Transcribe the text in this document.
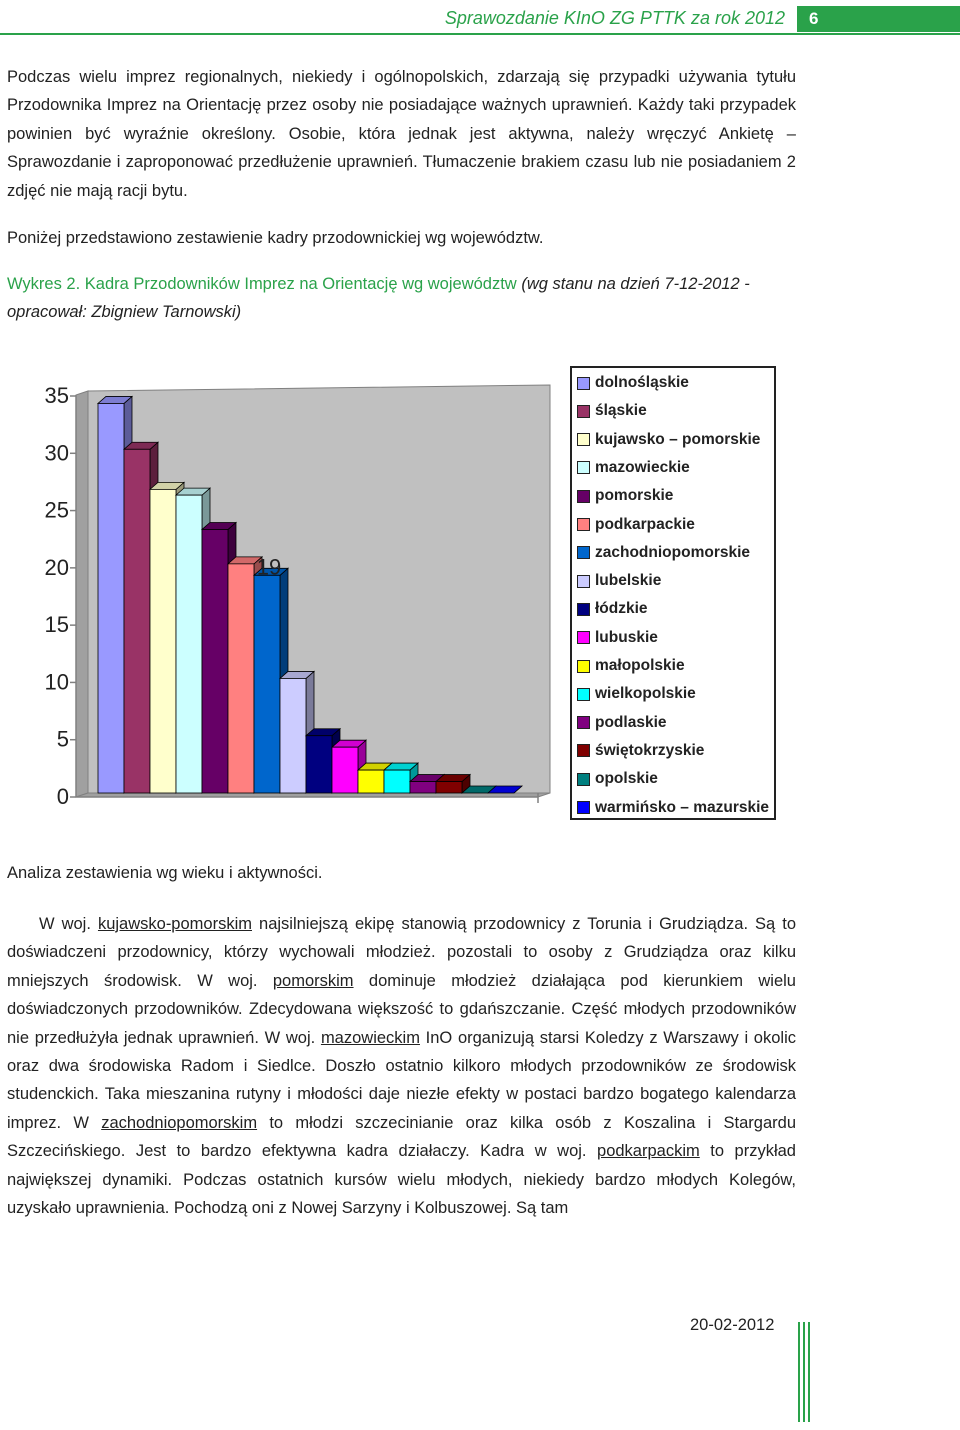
Sprawozdanie KInO ZG PTTK za rok 2012 6

Podczas wielu imprez regionalnych, niekiedy i ogólnopolskich, zdarzają się przypadki używania tytułu Przodownika Imprez na Orientację przez osoby nie posiadające ważnych uprawnień. Każdy taki przypadek powinien być wyraźnie określony. Osobie, która jednak jest aktywna, należy wręczyć Ankietę – Sprawozdanie i zaproponować przedłużenie uprawnień. Tłumaczenie brakiem czasu lub nie posiadaniem 2 zdjęć nie mają racji bytu.

Poniżej przedstawiono zestawienie kadry przodownickiej wg województw.

Wykres 2. Kadra Przodowników Imprez na Orientację wg województw (wg stanu na dzień 7-12-2012 - opracował: Zbigniew Tarnowski)

0
5
10
15
20
25
30
35
19
dolnośląskie
śląskie
kujawsko – pomorskie
mazowieckie
pomorskie
podkarpackie
zachodniopomorskie
lubelskie
łódzkie
lubuskie
małopolskie
wielkopolskie
podlaskie
świętokrzyskie
opolskie
warmińsko – mazurskie

Analiza zestawienia wg wieku i aktywności.

W woj. kujawsko-pomorskim najsilniejszą ekipę stanowią przodownicy z Torunia i Grudziądza. Są to doświadczeni przodownicy, którzy wychowali młodzież. pozostali to osoby z Grudziądza oraz kilku mniejszych środowisk. W woj. pomorskim dominuje młodzież działająca pod kierunkiem wielu doświadczonych przodowników. Zdecydowana większość to gdańszczanie. Część młodych przodowników nie przedłużyła jednak uprawnień. W woj. mazowieckim InO organizują starsi Koledzy z Warszawy i okolic oraz dwa środowiska Radom i Siedlce. Doszło ostatnio kilkoro młodych przodowników ze środowisk studenckich. Taka mieszanina rutyny i młodości daje niezłe efekty w postaci bardzo bogatego kalendarza imprez. W zachodniopomorskim to młodzi szczecinianie oraz kilka osób z Koszalina i Stargardu Szczecińskiego. Jest to bardzo efektywna kadra działaczy. Kadra w woj. podkarpackim to przykład największej dynamiki. Podczas ostatnich kursów wielu młodych, niekiedy bardzo młodych Kolegów, uzyskało uprawnienia. Pochodzą oni z Nowej Sarzyny i Kolbuszowej. Są tam

20-02-2012
